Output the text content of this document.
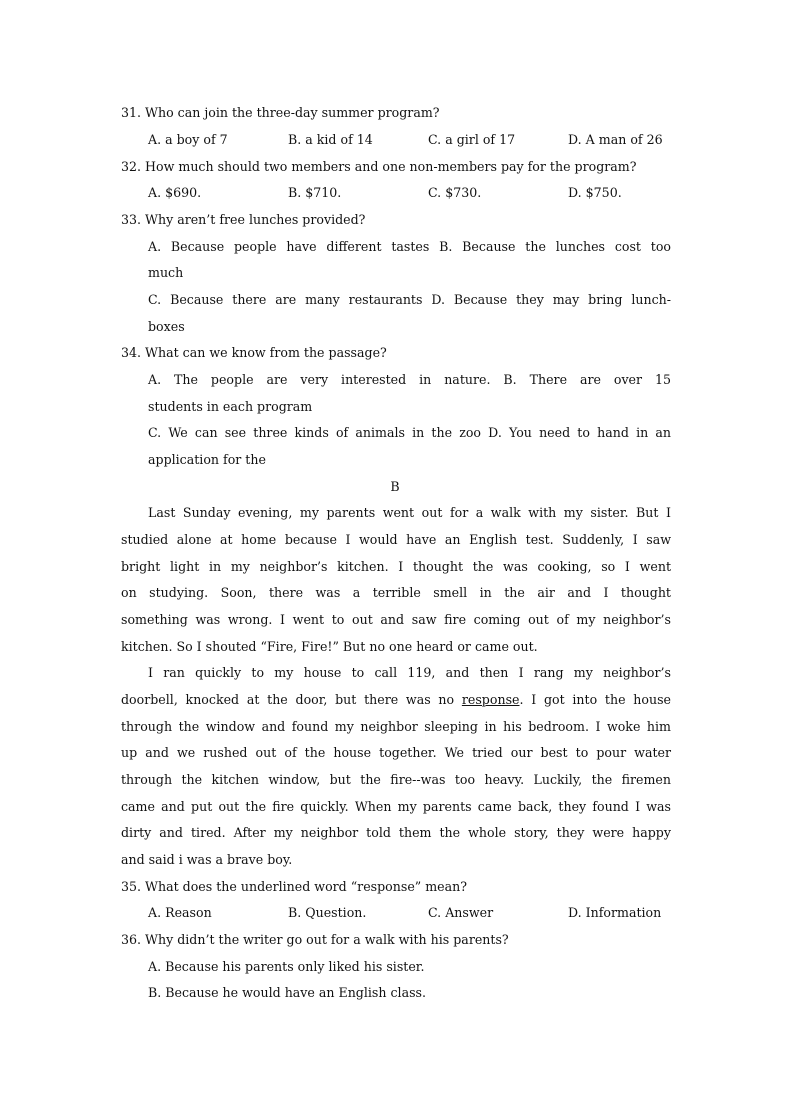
31. Who can join the three-day summer program?
A. a boy of 7	B. a kid of 14	C. a girl of 17	D. A man of 26
32. How much should two members and one non-members pay for the program?
A. $690.	B. $710.	C. $730.	D. $750.
33. Why aren’t free lunches provided?
A. Because people have different tastes B. Because the lunches cost too
much
C. Because there are many restaurants D. Because they may bring lunch-
boxes
34. What can we know from the passage?
A. The people are very interested in nature. B. There are over 15
students in each program
C. We can see three kinds of animals in the zoo D. You need to hand in an
application for the
B
Last Sunday evening, my parents went out for a walk with my sister. But I
studied alone at home because I would have an English test. Suddenly, I saw
bright light in my neighbor’s kitchen. I thought the was cooking, so I went
on studying. Soon, there was a terrible smell in the air and I thought
something was wrong. I went to out and saw fire coming out of my neighbor’s
kitchen. So I shouted “Fire, Fire!” But no one heard or came out.
I ran quickly to my house to call 119, and then I rang my neighbor’s
doorbell, knocked at the door, but there was no response. I got into the house
through the window and found my neighbor sleeping in his bedroom. I woke him
up and we rushed out of the house together. We tried our best to pour water
through the kitchen window, but the fire--was too heavy. Luckily, the firemen
came and put out the fire quickly. When my parents came back, they found I was
dirty and tired. After my neighbor told them the whole story, they were happy
and said i was a brave boy.
35. What does the underlined word “response” mean?
A. Reason	B. Question.	C. Answer	D. Information
36. Why didn’t the writer go out for a walk with his parents?
A. Because his parents only liked his sister.
B. Because he would have an English class.
